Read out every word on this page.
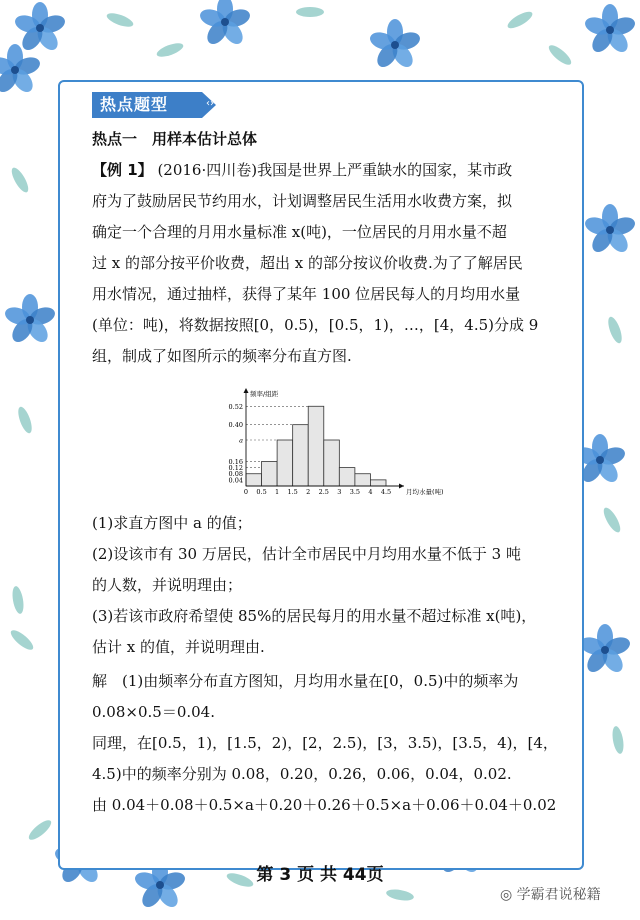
热点题型	‹›
热点一　用样本估计总体
【例 1】 (2016·四川卷)我国是世界上严重缺水的国家，某市政
府为了鼓励居民节约用水，计划调整居民生活用水收费方案，拟
确定一个合理的月用水量标准 x(吨)，一位居民的月用水量不超
过 x 的部分按平价收费，超出 x 的部分按议价收费.为了了解居民
用水情况，通过抽样，获得了某年 100 位居民每人的月均用水量
(单位：吨)，将数据按照[0，0.5)，[0.5，1)，…，[4，4.5)分成 9
组，制成了如图所示的频率分布直方图.
0.04
0.08
0.12
0.16
a
0.40
0.52
0 0.5 1 1.5 2 2.5 3 3.5 4 4.5
频率/组距
月均水量(吨)
(1)求直方图中 a 的值；
(2)设该市有 30 万居民，估计全市居民中月均用水量不低于 3 吨
的人数，并说明理由；
(3)若该市政府希望使 85%的居民每月的用水量不超过标准 x(吨)，
估计 x 的值，并说明理由.
解　(1)由频率分布直方图知，月均用水量在[0，0.5)中的频率为
0.08×0.5＝0.04.
同理，在[0.5，1)，[1.5，2)，[2，2.5)，[3，3.5)，[3.5，4)，[4，
4.5)中的频率分别为 0.08，0.20，0.26，0.06，0.04，0.02.
由 0.04＋0.08＋0.5×a＋0.20＋0.26＋0.5×a＋0.06＋0.04＋0.02
第 3 页 共 44页
◎ 学霸君说秘籍
